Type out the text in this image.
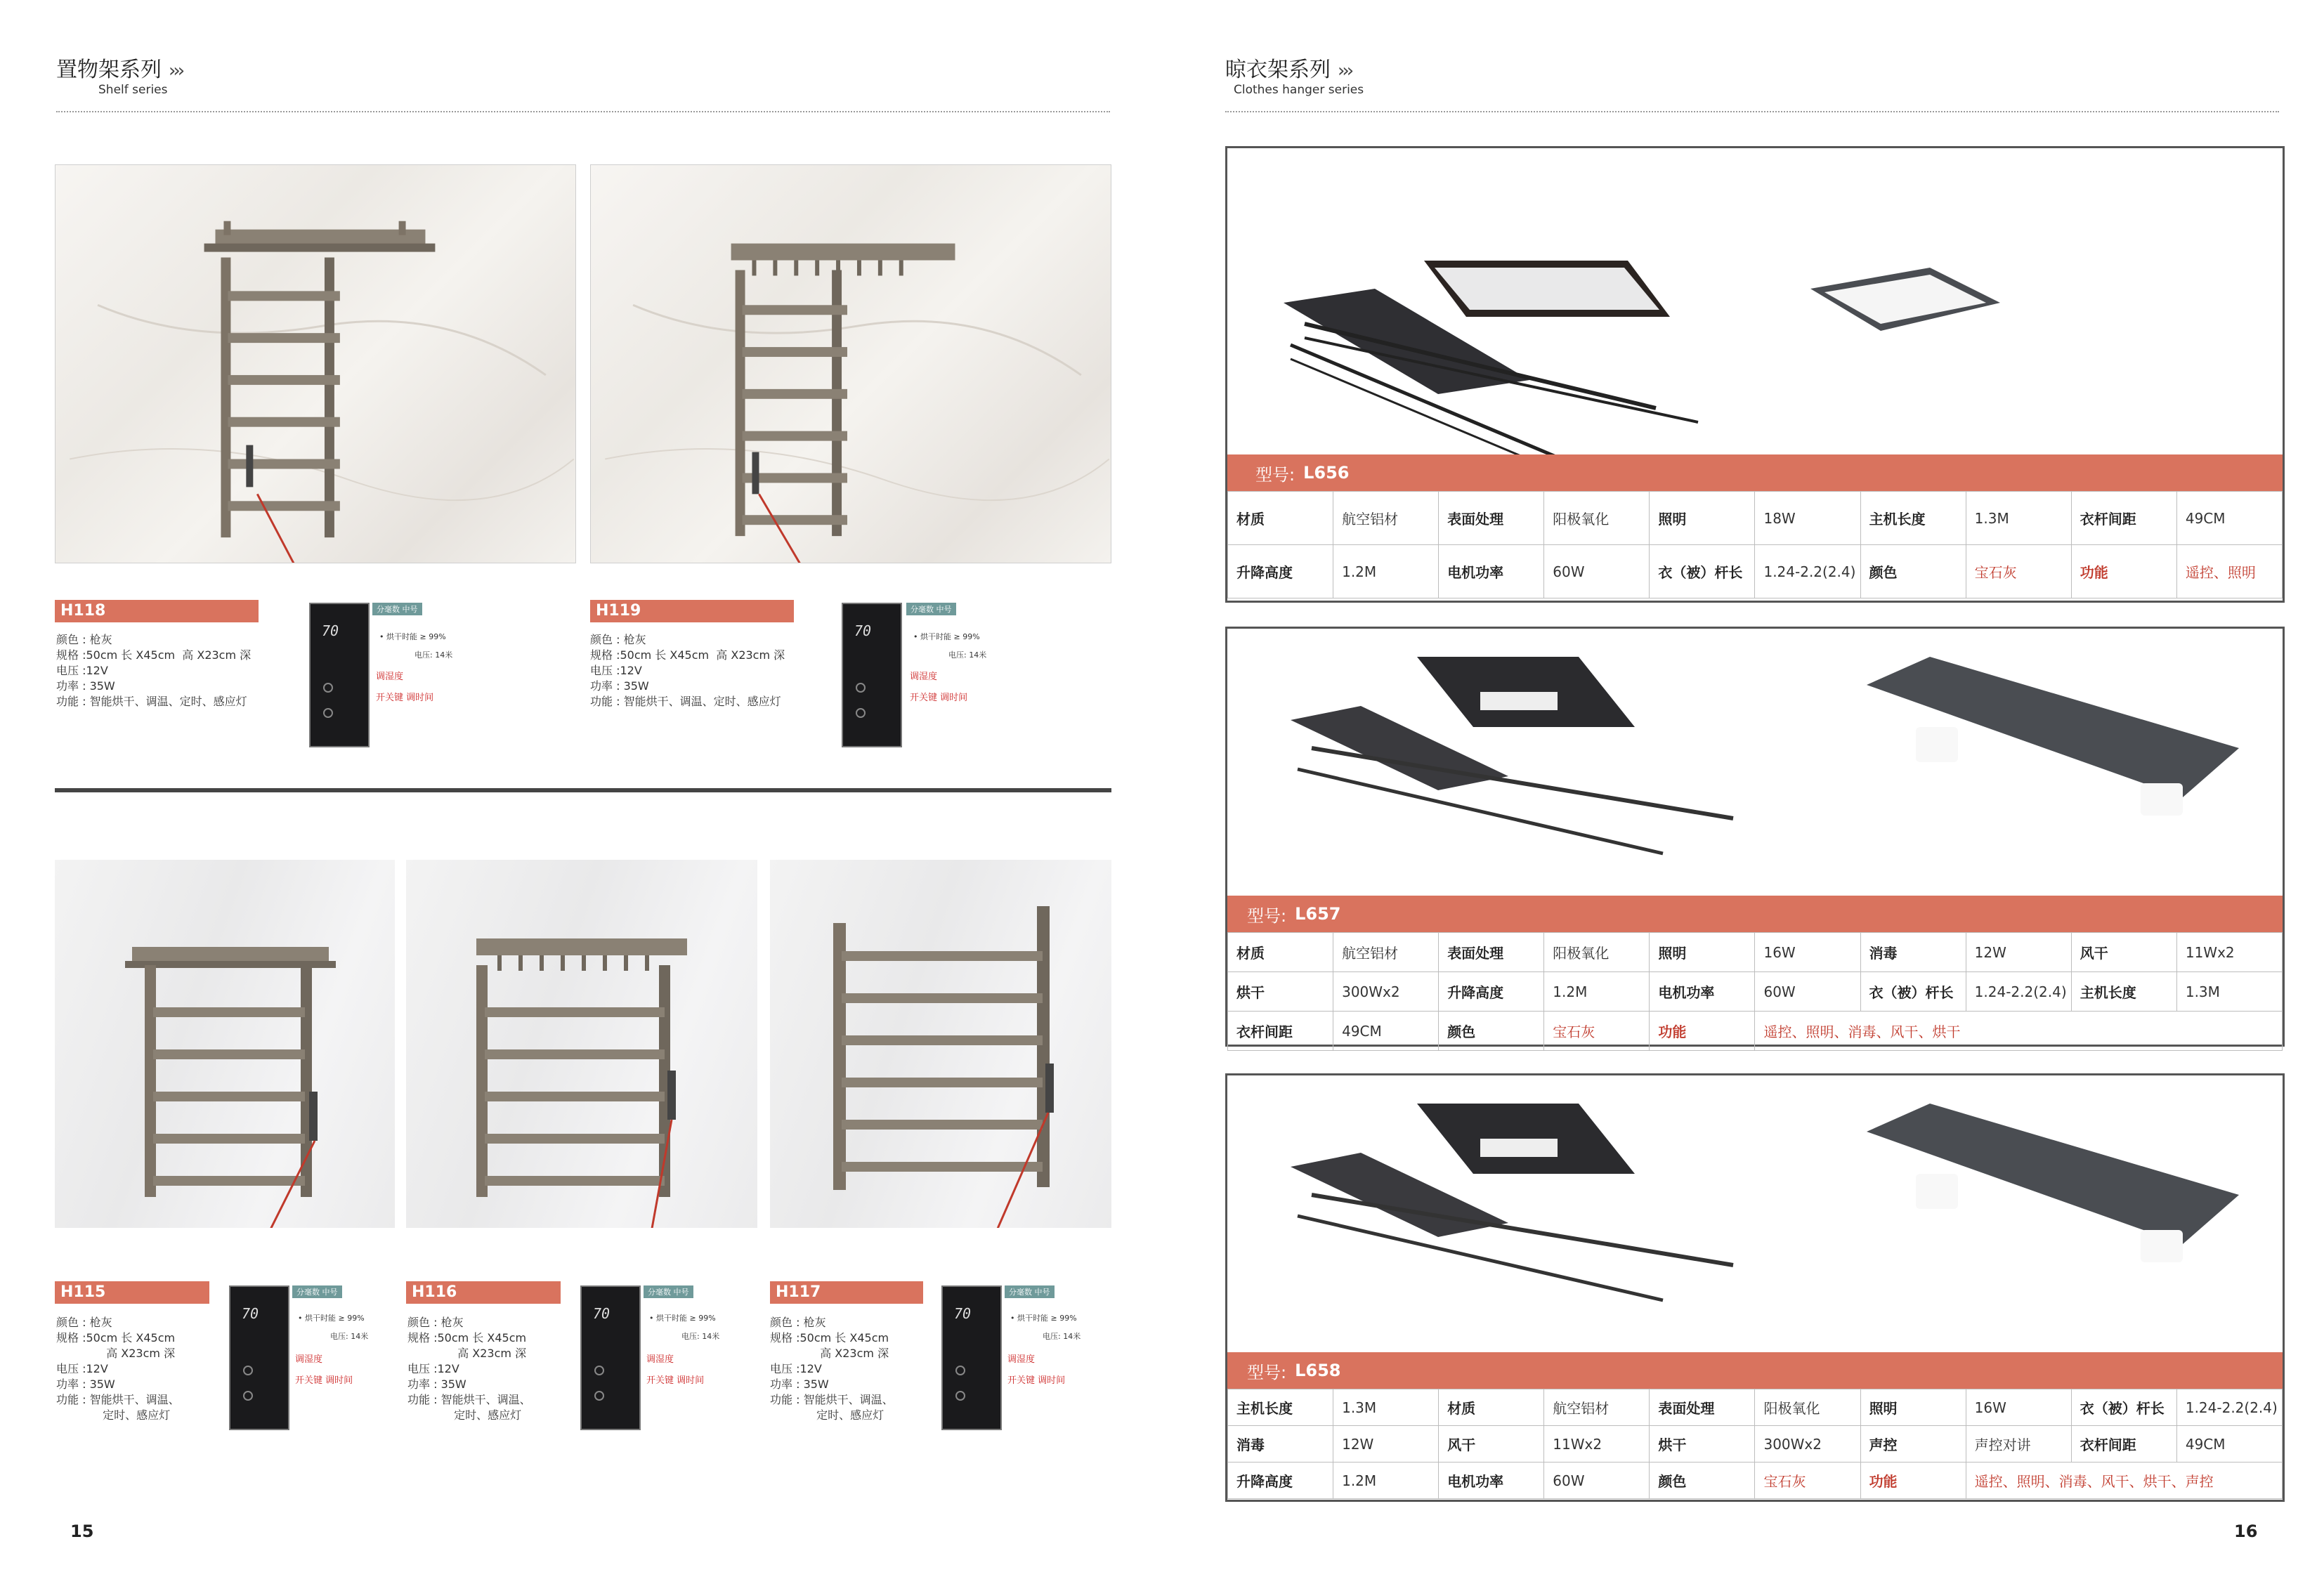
置物架系列 ›››
Shelf series
H118
颜色 : 枪灰
规格 :50cm 长 X45cm  高 X23cm 深
电压 :12V
功率 : 35W
功能 : 智能烘干、调温、定时、感应灯
H119
颜色 : 枪灰
规格 :50cm 长 X45cm  高 X23cm 深
电压 :12V
功率 : 35W
功能 : 智能烘干、调温、定时、感应灯
70
分毫数 中号
• 烘干时能 ≥ 99%
电压: 14米
调湿度
开关键 调时间
70
分毫数 中号
• 烘干时能 ≥ 99%
电压: 14米
调湿度
开关键 调时间
H115
颜色 : 枪灰
规格 :50cm 长 X45cm
高 X23cm 深
电压 :12V
功率 : 35W
功能 : 智能烘干、调温、
定时、感应灯
H116
颜色 : 枪灰
规格 :50cm 长 X45cm
高 X23cm 深
电压 :12V
功率 : 35W
功能 : 智能烘干、调温、
定时、感应灯
H117
颜色 : 枪灰
规格 :50cm 长 X45cm
高 X23cm 深
电压 :12V
功率 : 35W
功能 : 智能烘干、调温、
定时、感应灯
70
分毫数 中号
• 烘干时能 ≥ 99%
电压: 14米
调湿度
开关键 调时间
70
分毫数 中号
• 烘干时能 ≥ 99%
电压: 14米
调湿度
开关键 调时间
70
分毫数 中号
• 烘干时能 ≥ 99%
电压: 14米
调湿度
开关键 调时间
15
晾衣架系列 ›››
Clothes hanger series
型号: L656
材质	航空铝材	表面处理	阳极氧化	照明	18W	主机长度	1.3M	衣杆间距	49CM
升降高度	1.2M	电机功率	60W	衣（被）杆长	1.24-2.2(2.4)	颜色	宝石灰	功能	遥控、照明
型号: L657
材质	航空铝材	表面处理	阳极氧化	照明	16W	消毒	12W	风干	11Wx2
烘干	300Wx2	升降高度	1.2M	电机功率	60W	衣（被）杆长	1.24-2.2(2.4)	主机长度	1.3M
衣杆间距	49CM	颜色	宝石灰	功能	遥控、照明、消毒、风干、烘干				
型号: L658
主机长度	1.3M	材质	航空铝材	表面处理	阳极氧化	照明	16W	衣（被）杆长	1.24-2.2(2.4)
消毒	12W	风干	11Wx2	烘干	300Wx2	声控	声控对讲	衣杆间距	49CM
升降高度	1.2M	电机功率	60W	颜色	宝石灰	功能	遥控、照明、消毒、风干、烘干、声控		
16
